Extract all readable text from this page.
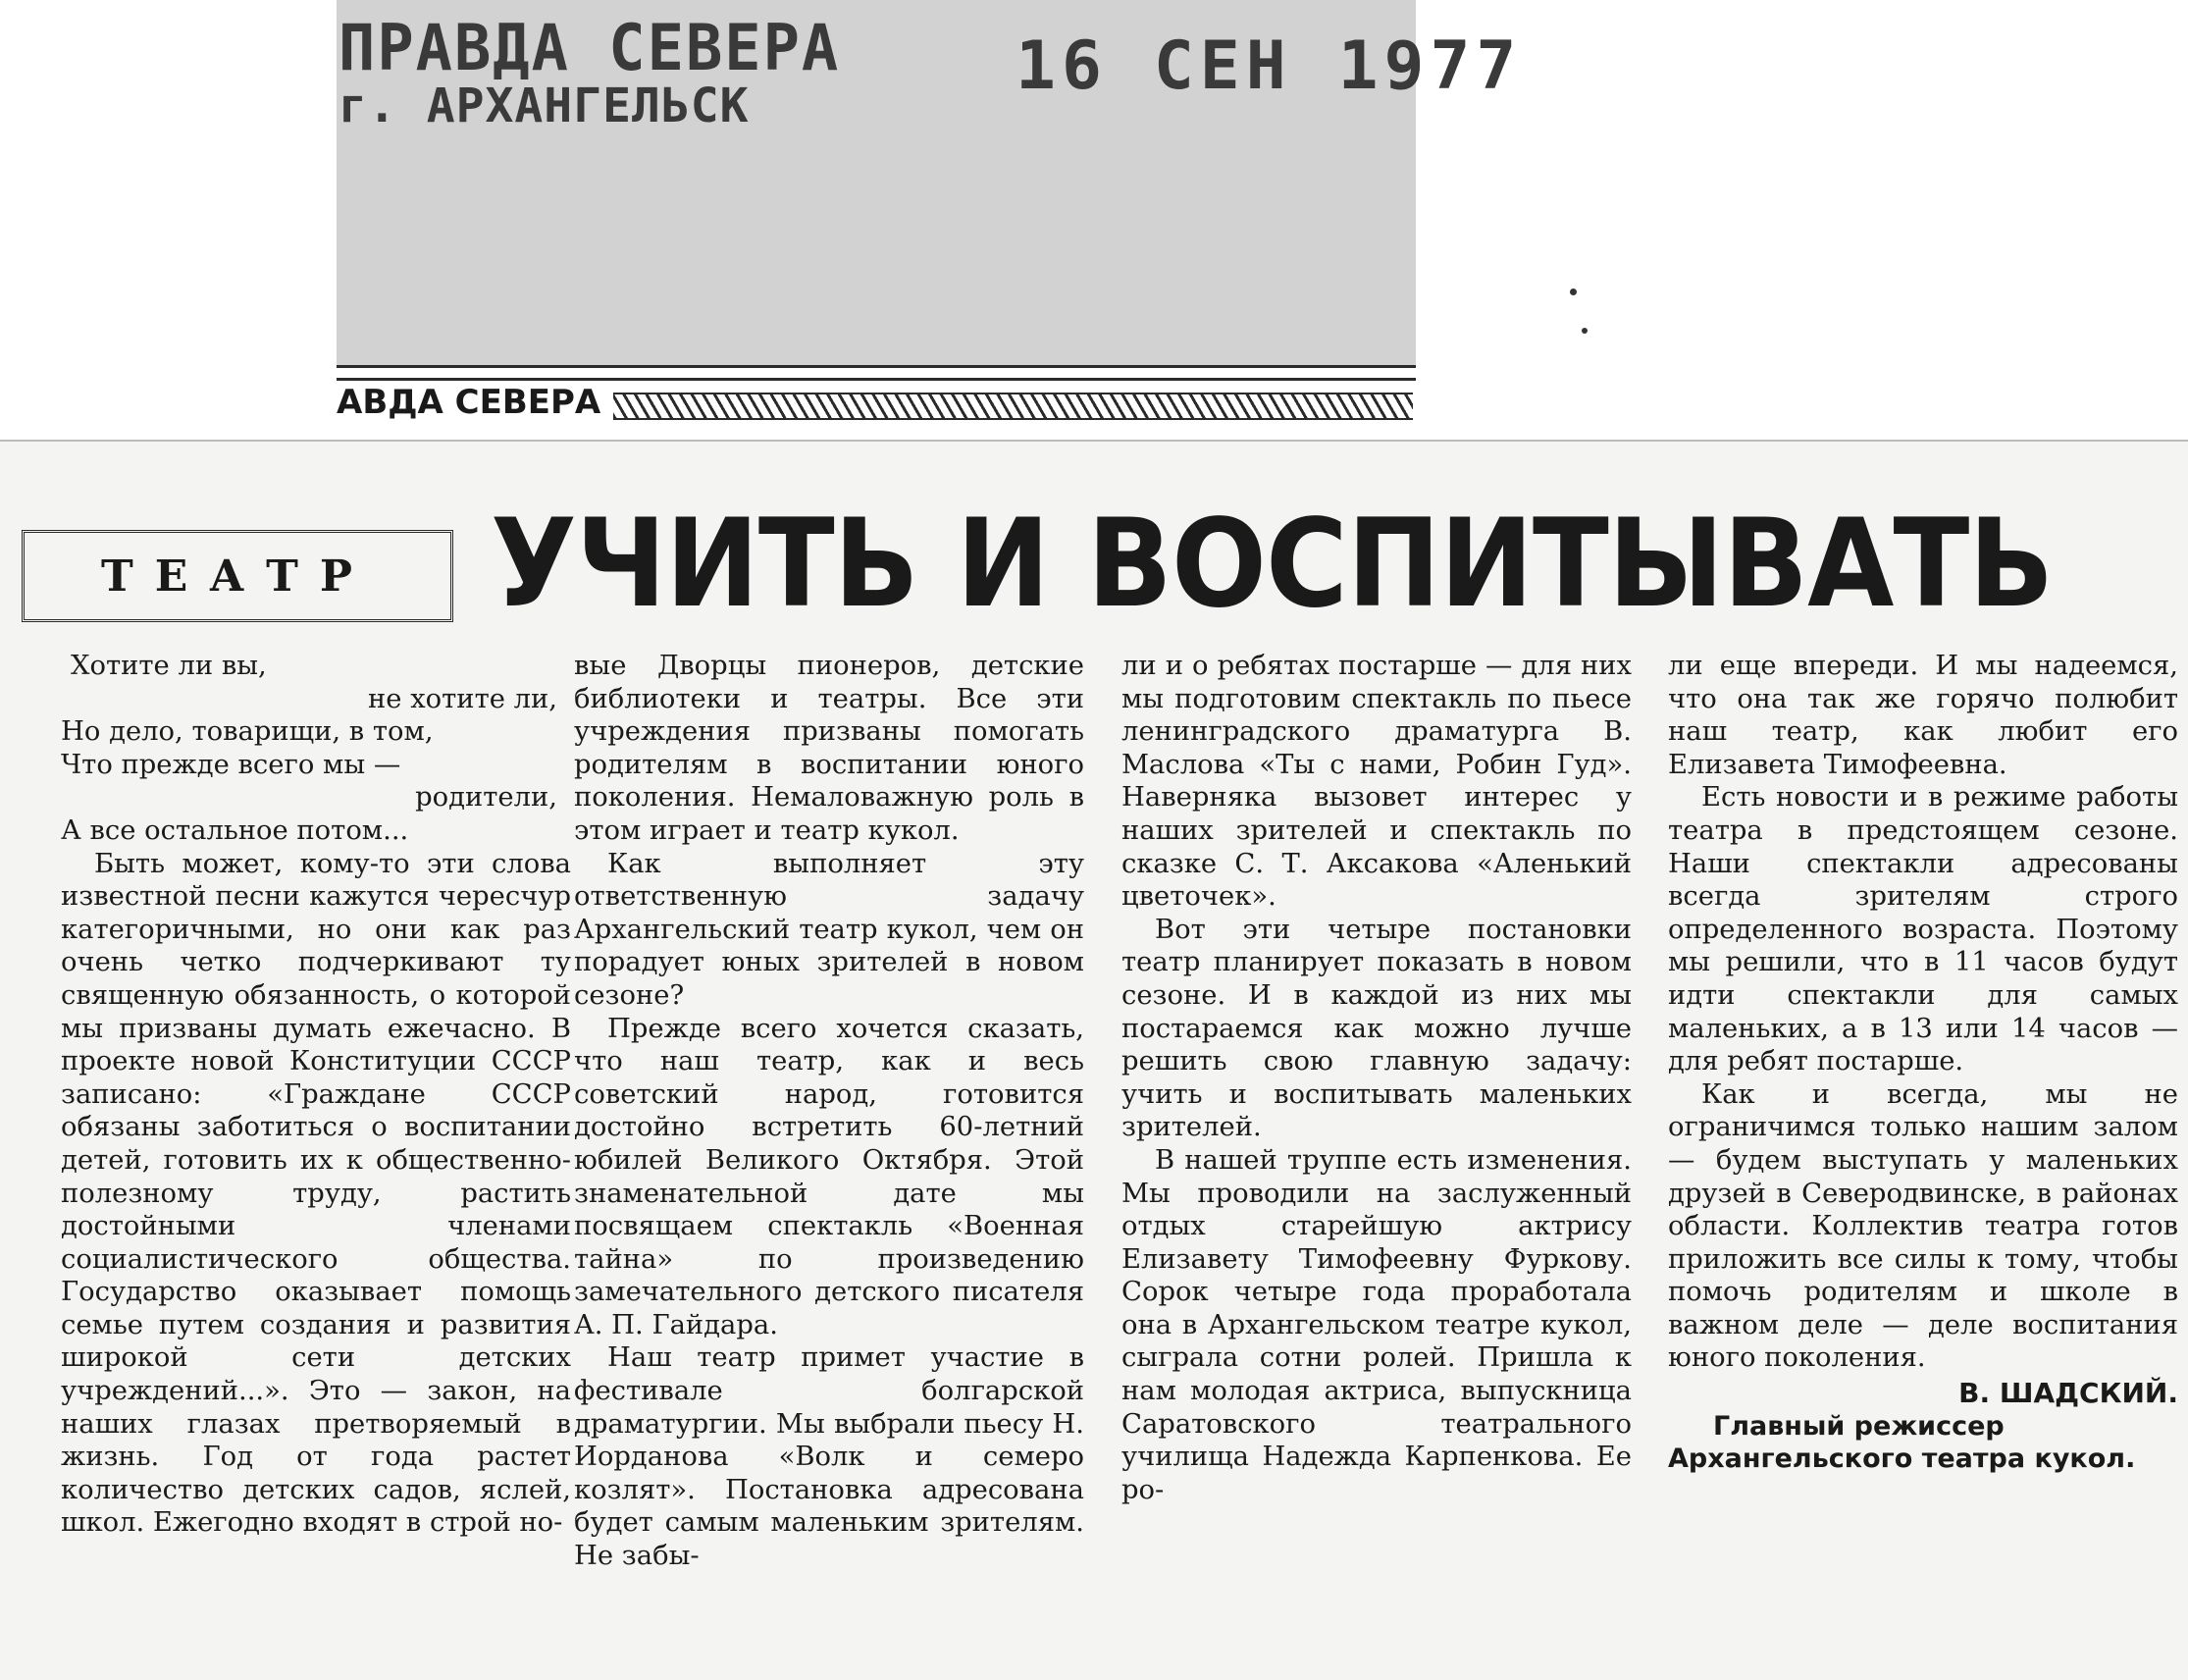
ПРАВДА СЕВЕРА
г. АРХАНГЕЛЬСК
16 СЕН 1977
АВДА СЕВЕРА
ТЕАТР УЧИТЬ И ВОСПИТЫВАТЬ
Хотите ли вы,
не хотите ли,
Но дело, товарищи, в том,
Что прежде всего мы —
родители,
А все остальное потом...

Быть может, кому-то эти слова известной песни кажутся чересчур категоричными, но они как раз очень четко подчеркивают ту священную обязанность, о которой мы призваны думать ежечасно. В проекте новой Конституции СССР записано: «Граждане СССР обязаны заботиться о воспитании детей, готовить их к общественно-полезному труду, растить достойными членами социалистического общества. Государство оказывает помощь семье путем создания и развития широкой сети детских учреждений...». Это — закон, на наших глазах претворяемый в жизнь. Год от года растет количество детских садов, яслей, школ. Ежегодно входят в строй но-

вые Дворцы пионеров, детские библиотеки и театры. Все эти учреждения призваны помогать родителям в воспитании юного поколения. Немаловажную роль в этом играет и театр кукол.

Как выполняет эту ответственную задачу Архангельский театр кукол, чем он порадует юных зрителей в новом сезоне?

Прежде всего хочется сказать, что наш театр, как и весь советский народ, готовится достойно встретить 60-летний юбилей Великого Октября. Этой знаменательной дате мы посвящаем спектакль «Военная тайна» по произведению замечательного детского писателя А. П. Гайдара.

Наш театр примет участие в фестивале болгарской драматургии. Мы выбрали пьесу Н. Иорданова «Волк и семеро козлят». Постановка адресована будет самым маленьким зрителям. Не забы-

ли и о ребятах постарше — для них мы подготовим спектакль по пьесе ленинградского драматурга В. Маслова «Ты с нами, Робин Гуд». Наверняка вызовет интерес у наших зрителей и спектакль по сказке С. Т. Аксакова «Аленький цветочек».

Вот эти четыре постановки театр планирует показать в новом сезоне. И в каждой из них мы постараемся как можно лучше решить свою главную задачу: учить и воспитывать маленьких зрителей.

В нашей труппе есть изменения. Мы проводили на заслуженный отдых старейшую актрису Елизавету Тимофеевну Фуркову. Сорок четыре года проработала она в Архангельском театре кукол, сыграла сотни ролей. Пришла к нам молодая актриса, выпускница Саратовского театрального училища Надежда Карпенкова. Ее ро-

ли еще впереди. И мы надеемся, что она так же горячо полюбит наш театр, как любит его Елизавета Тимофеевна.

Есть новости и в режиме работы театра в предстоящем сезоне. Наши спектакли адресованы всегда зрителям строго определенного возраста. Поэтому мы решили, что в 11 часов будут идти спектакли для самых маленьких, а в 13 или 14 часов — для ребят постарше.

Как и всегда, мы не ограничимся только нашим залом — будем выступать у маленьких друзей в Северодвинске, в районах области. Коллектив театра готов приложить все силы к тому, чтобы помочь родителям и школе в важном деле — деле воспитания юного поколения.

В. ШАДСКИЙ.
Главный режиссер Архангельского театра кукол.
